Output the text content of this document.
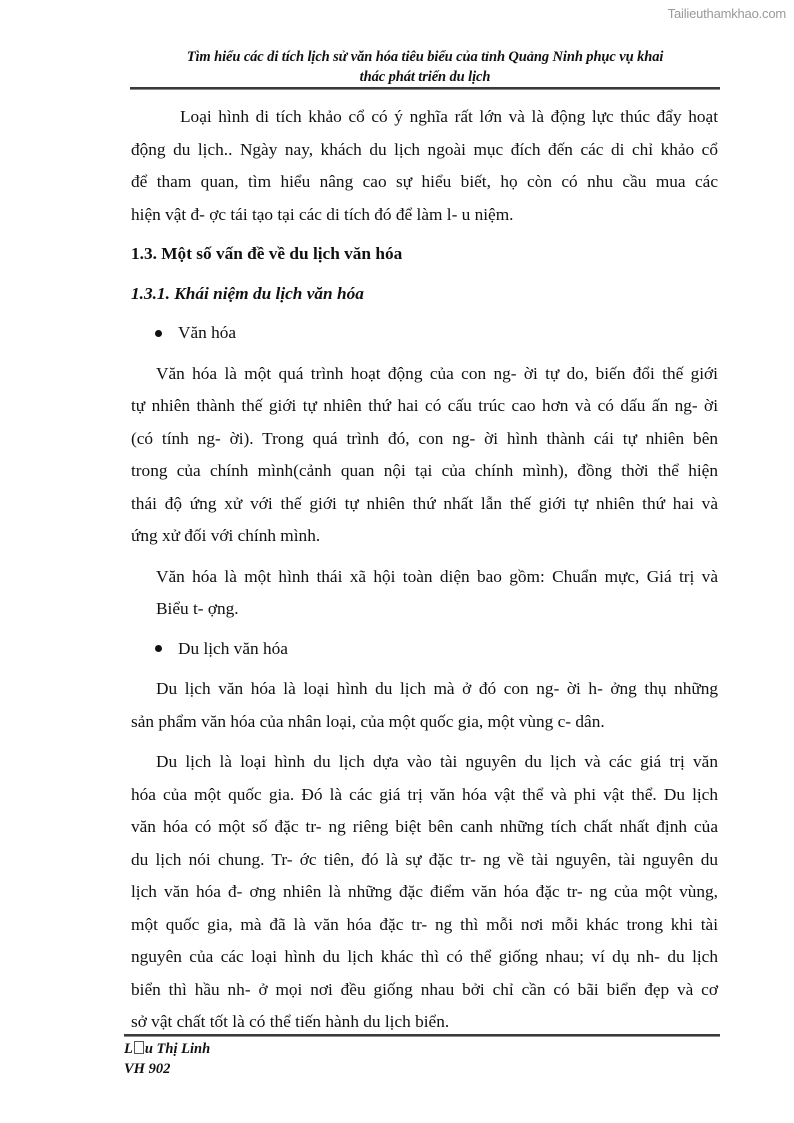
Tailieuthamkhao.com
Tìm hiểu các di tích lịch sử văn hóa tiêu biểu của tỉnh Quảng Ninh phục vụ khai
thác phát triển du lịch
Loại hình di tích khảo cổ có ý nghĩa rất lớn và là động lực thúc đẩy hoạt
động du lịch.. Ngày nay, khách du lịch ngoài mục đích đến các di chỉ khảo cổ
để tham quan, tìm hiểu nâng cao sự hiểu biết, họ còn có nhu cầu mua các
hiện vật đ- ợc tái tạo tại các di tích đó để làm l- u niệm.
1.3. Một số vấn đề về du lịch văn hóa
1.3.1. Khái niệm du lịch văn hóa
Văn hóa
Văn hóa là một quá trình hoạt động của con ng- ời tự do, biến đổi thế giới
tự nhiên thành thế giới tự nhiên thứ hai có cấu trúc cao hơn và có dấu ấn ng- ời
(có tính ng- ời). Trong quá trình đó, con ng- ời hình thành cái tự nhiên bên
trong của chính mình(cảnh quan nội tại của chính mình), đồng thời thể hiện
thái độ ứng xử với thế giới tự nhiên thứ nhất lẫn thế giới tự nhiên thứ hai và
ứng xử đối với chính mình.
Văn hóa là một hình thái xã hội toàn diện bao gồm: Chuẩn mực, Giá trị và
Biểu t- ợng.
Du lịch văn hóa
Du lịch văn hóa là loại hình du lịch mà ở đó con ng- ời h- ởng thụ những
sản phẩm văn hóa của nhân loại, của một quốc gia, một vùng c- dân.
Du lịch là loại hình du lịch dựa vào tài nguyên du lịch và các giá trị văn
hóa của một quốc gia. Đó là các giá trị văn hóa vật thể và phi vật thể. Du lịch
văn hóa có một số đặc tr- ng riêng biệt bên canh những tích chất nhất định của
du lịch nói chung. Tr- ớc tiên, đó là sự đặc tr- ng về tài nguyên, tài nguyên du
lịch văn hóa đ- ơng nhiên là những đặc điểm văn hóa đặc tr- ng của một vùng,
một quốc gia, mà đã là văn hóa đặc tr- ng thì mỗi nơi mỗi khác trong khi tài
nguyên của các loại hình du lịch khác thì có thể giống nhau; ví dụ nh- du lịch
biển thì hầu nh- ở mọi nơi đều giống nhau bởi chỉ cần có bãi biển đẹp và cơ
sở vật chất tốt là có thể tiến hành du lịch biển.
L u Thị Linh
VH 902
